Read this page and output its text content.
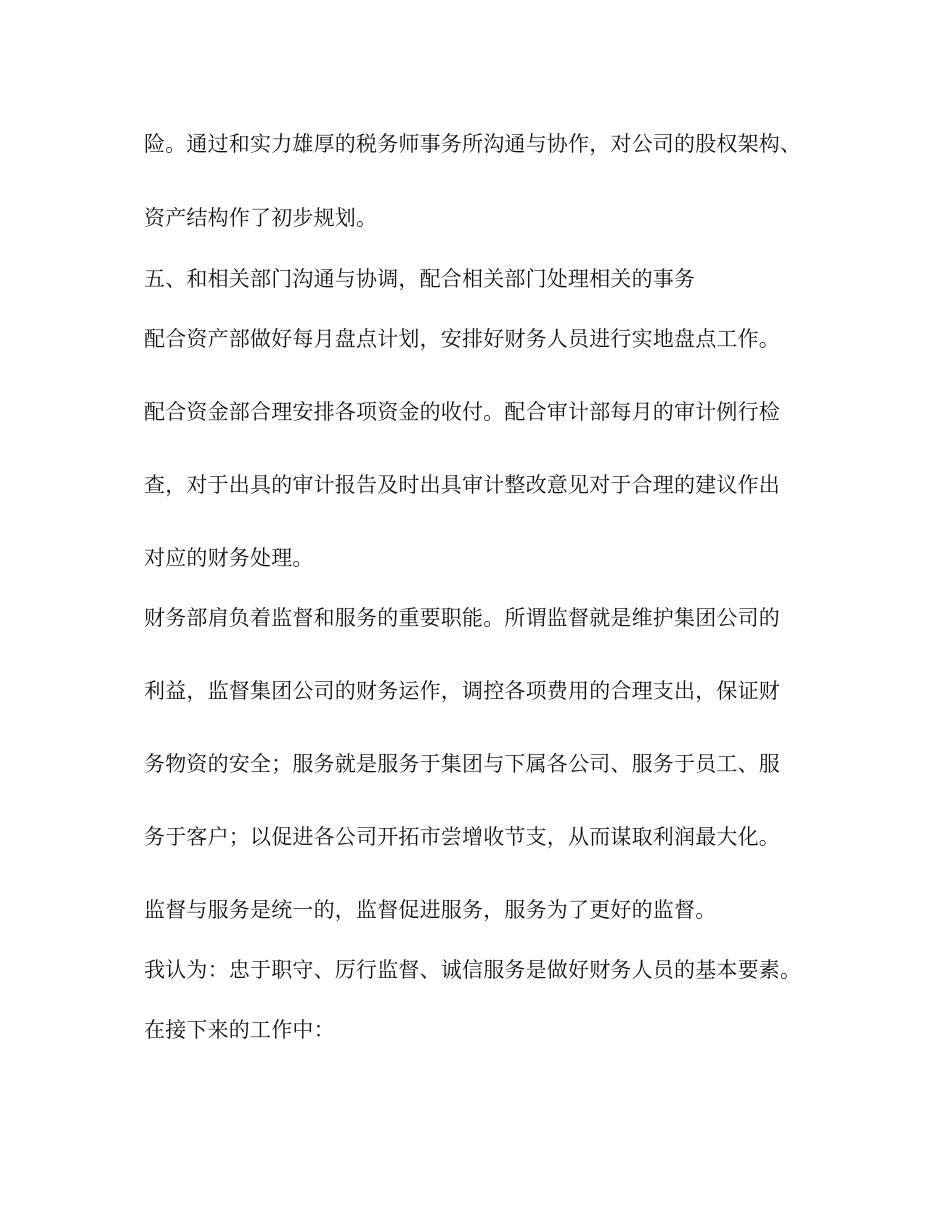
险。通过和实力雄厚的税务师事务所沟通与协作，对公司的股权架构、

资产结构作了初步规划。

五、和相关部门沟通与协调，配合相关部门处理相关的事务

配合资产部做好每月盘点计划，安排好财务人员进行实地盘点工作。

配合资金部合理安排各项资金的收付。配合审计部每月的审计例行检

查，对于出具的审计报告及时出具审计整改意见对于合理的建议作出

对应的财务处理。

财务部肩负着监督和服务的重要职能。所谓监督就是维护集团公司的

利益，监督集团公司的财务运作，调控各项费用的合理支出，保证财

务物资的安全；服务就是服务于集团与下属各公司、服务于员工、服

务于客户；以促进各公司开拓市尝增收节支，从而谋取利润最大化。

监督与服务是统一的，监督促进服务，服务为了更好的监督。

我认为：忠于职守、厉行监督、诚信服务是做好财务人员的基本要素。

在接下来的工作中：
